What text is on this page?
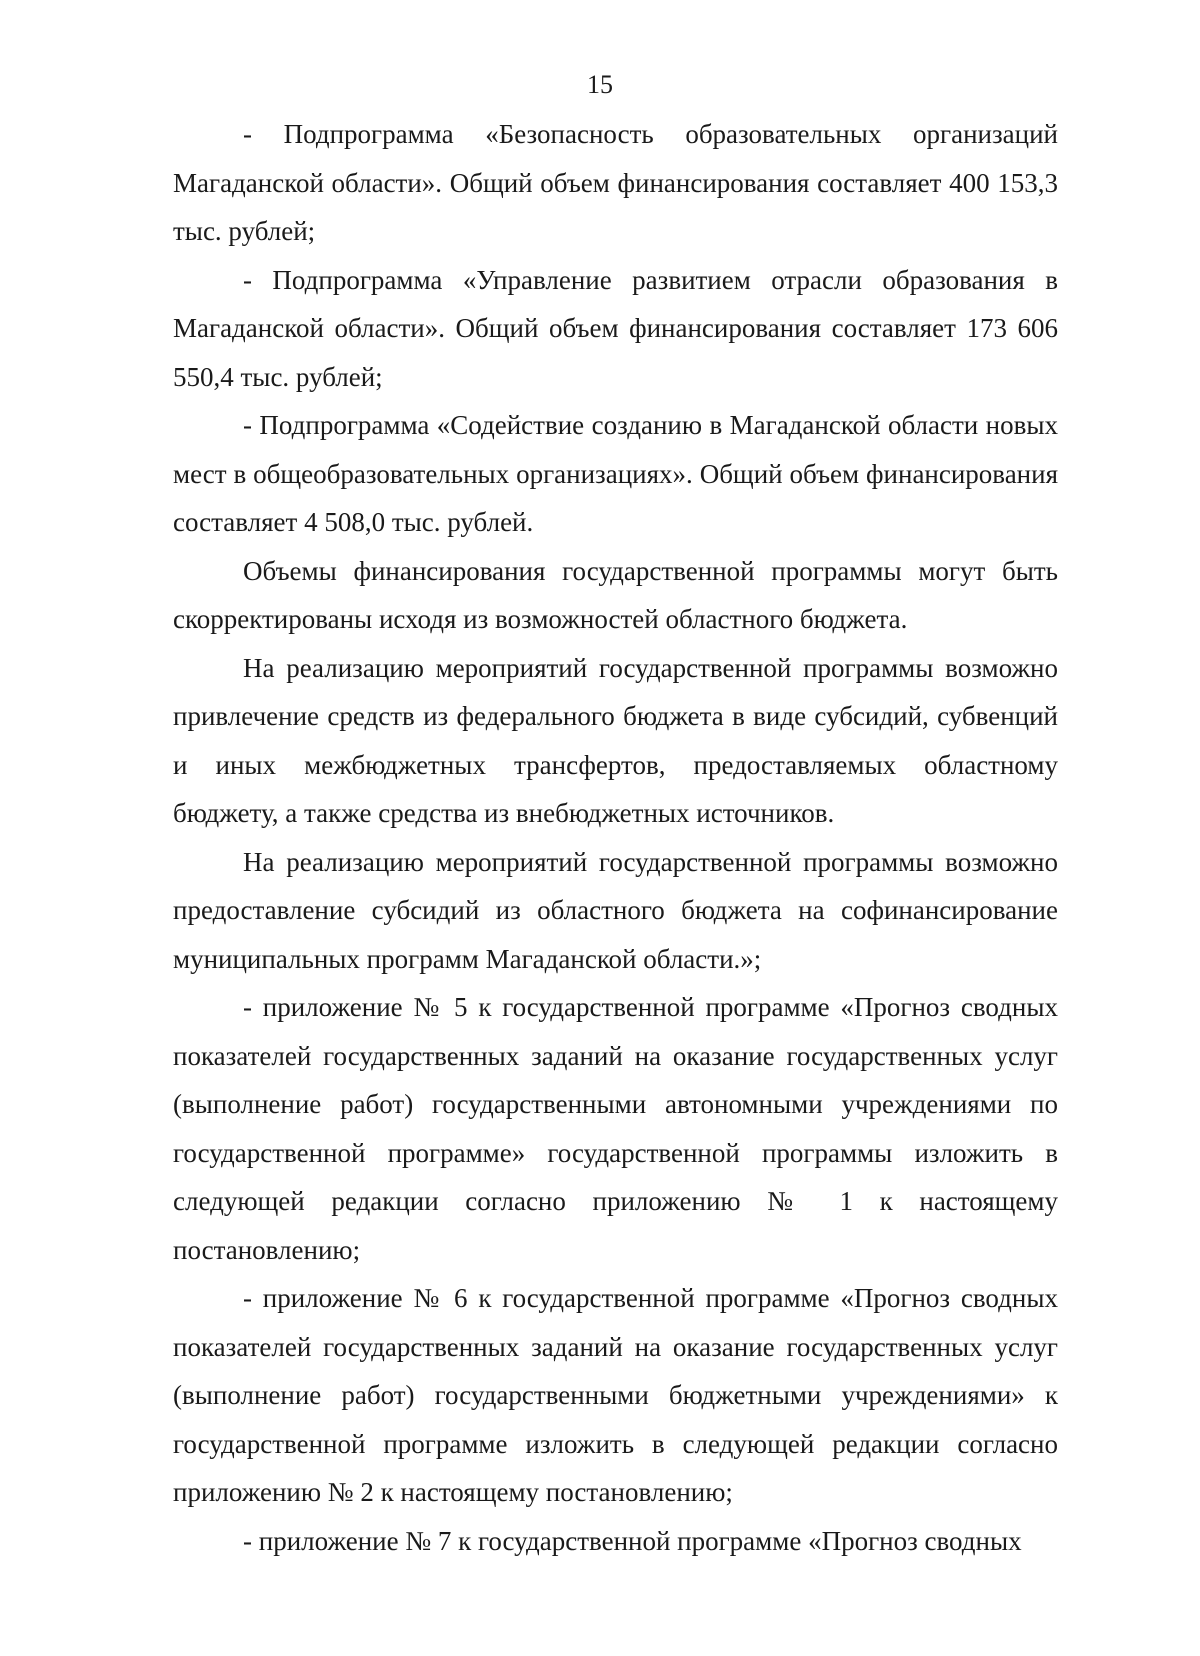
15

- Подпрограмма «Безопасность образовательных организаций Магаданской области». Общий объем финансирования составляет 400 153,3 тыс. рублей;

- Подпрограмма «Управление развитием отрасли образования в Магаданской области». Общий объем финансирования составляет 173 606 550,4 тыс. рублей;

- Подпрограмма «Содействие созданию в Магаданской области новых мест в общеобразовательных организациях». Общий объем финансирования составляет 4 508,0 тыс. рублей.

Объемы финансирования государственной программы могут быть скорректированы исходя из возможностей областного бюджета.

На реализацию мероприятий государственной программы возможно привлечение средств из федерального бюджета в виде субсидий, субвенций и иных межбюджетных трансфертов, предоставляемых областному бюджету, а также средства из внебюджетных источников.

На реализацию мероприятий государственной программы возможно предоставление субсидий из областного бюджета на софинансирование муниципальных программ Магаданской области.»;

- приложение № 5 к государственной программе «Прогноз сводных показателей государственных заданий на оказание государственных услуг (выполнение работ) государственными автономными учреждениями по государственной программе» государственной программы изложить в следующей редакции согласно приложению № 1 к настоящему постановлению;

- приложение № 6 к государственной программе «Прогноз сводных показателей государственных заданий на оказание государственных услуг (выполнение работ) государственными бюджетными учреждениями» к государственной программе изложить в следующей редакции согласно приложению № 2 к настоящему постановлению;

- приложение № 7 к государственной программе «Прогноз сводных
